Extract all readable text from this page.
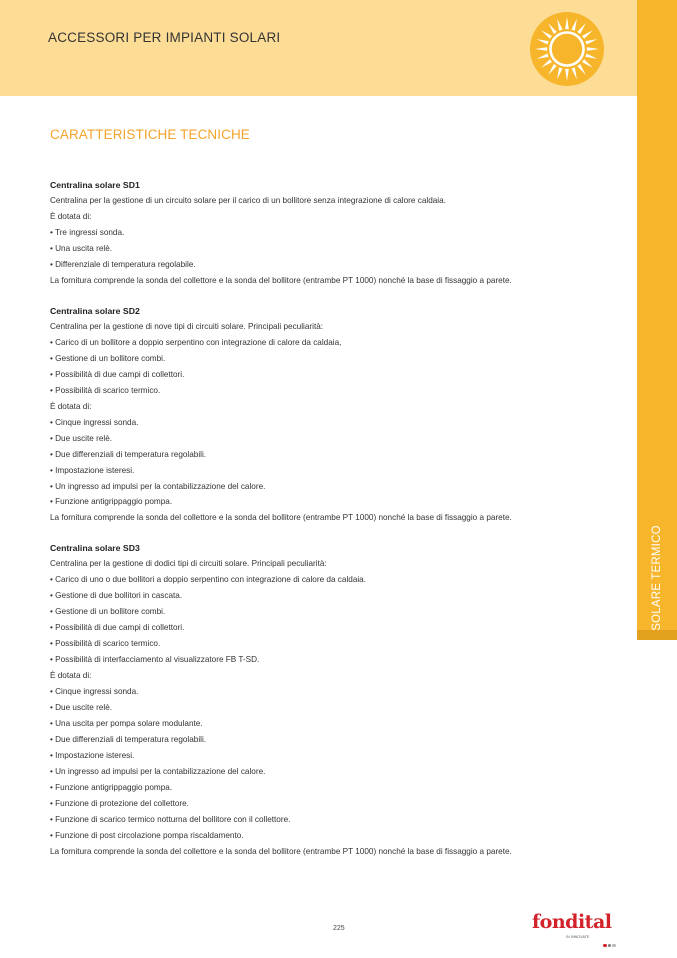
ACCESSORI PER IMPIANTI SOLARI
SOLARE TERMICO
CARATTERISTICHE TECNICHE
Centralina solare SD1
Centralina per la gestione di un circuito solare per il carico di un bollitore senza integrazione di calore caldaia.
È dotata di:
• Tre ingressi sonda.
• Una uscita relè.
• Differenziale di temperatura regolabile.
La fornitura comprende la sonda del collettore e la sonda del bollitore (entrambe PT 1000) nonché la base di fissaggio a parete.
Centralina solare SD2
Centralina per la gestione di nove tipi di circuiti solare. Principali peculiarità:
• Carico di un bollitore a doppio serpentino con integrazione di calore da caldaia,
• Gestione di un bollitore combi.
• Possibilità di due campi di collettori.
• Possibilità di scarico termico.
È dotata di:
• Cinque ingressi sonda.
• Due uscite relè.
• Due differenziali di temperatura regolabili.
• Impostazione isteresi.
• Un ingresso ad impulsi per la contabilizzazione del calore.
• Funzione antigrippaggio pompa.
La fornitura comprende la sonda del collettore e la sonda del bollitore (entrambe PT 1000) nonché la base di fissaggio a parete.
Centralina solare SD3
Centralina per la gestione di dodici tipi di circuiti solare. Principali peculiarità:
• Carico di uno o due bollitori a doppio serpentino con integrazione di calore da caldaia.
• Gestione di due bollitori in cascata.
• Gestione di un bollitore combi.
• Possibilità di due campi di collettori.
• Possibilità di scarico termico.
• Possibilità di interfacciamento al visualizzatore FB T-SD.
È dotata di:
• Cinque ingressi sonda.
• Due uscite relè.
• Una uscita per pompa solare modulante.
• Due differenziali di temperatura regolabili.
• Impostazione isteresi.
• Un ingresso ad impulsi per la contabilizzazione del calore.
• Funzione antigrippaggio pompa.
• Funzione di protezione del collettore.
• Funzione di scarico termico notturna del bollitore con il collettore.
• Funzione di post circolazione pompa riscaldamento.
La fornitura comprende la sonda del collettore e la sonda del bollitore (entrambe PT 1000) nonché la base di fissaggio a parete.
225	fondital
IN INNOVATE
